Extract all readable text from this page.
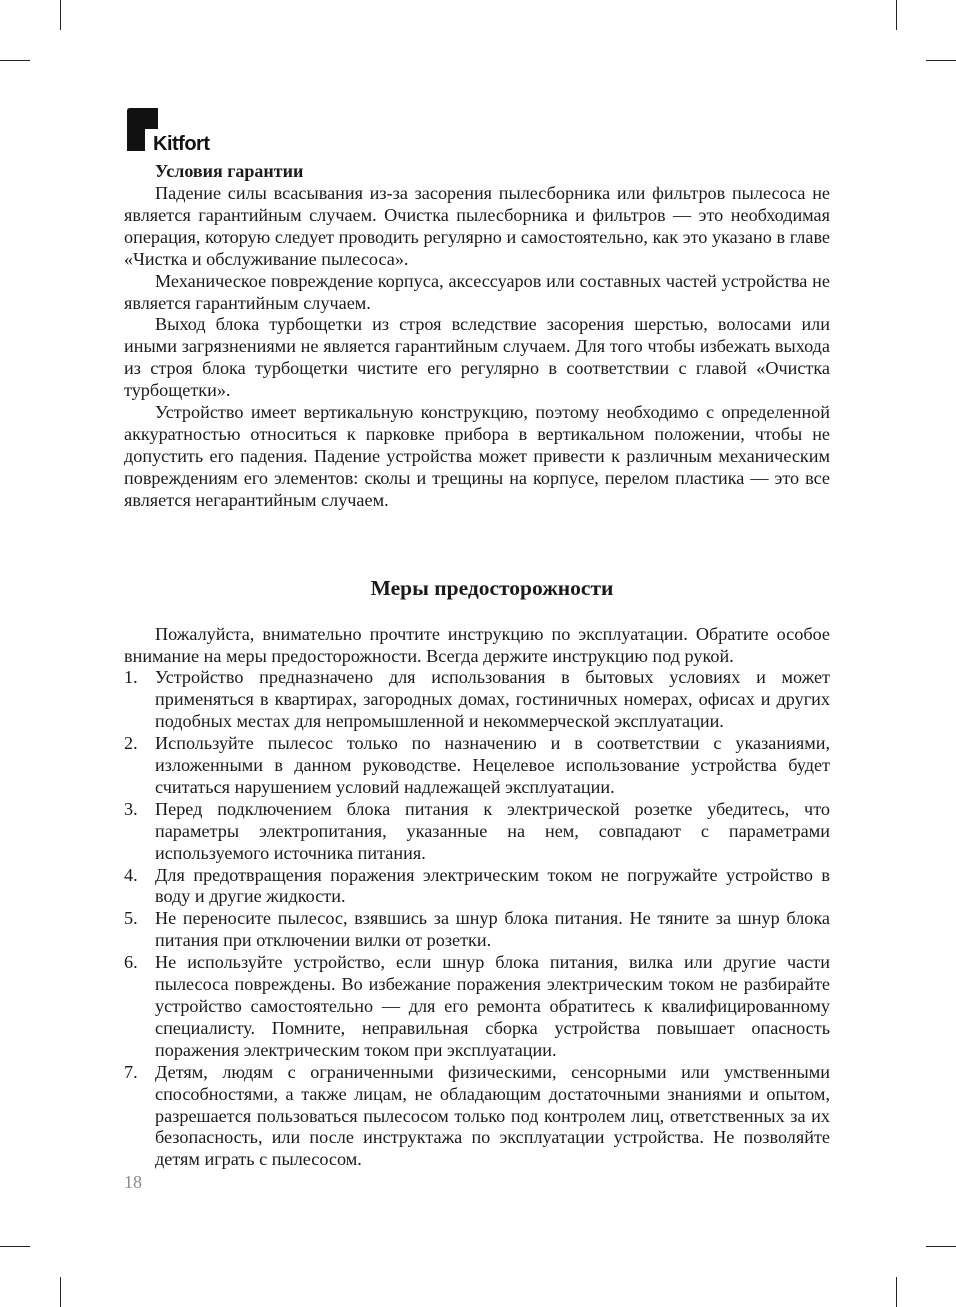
Kitfort
Условия гарантии

Падение силы всасывания из-за засорения пылесборника или фильтров пылесоса не является гарантийным случаем. Очистка пылесборника и фильтров — это необходимая операция, которую следует проводить регулярно и самостоятельно, как это указано в главе «Чистка и обслуживание пылесоса».

Механическое повреждение корпуса, аксессуаров или составных частей устройства не является гарантийным случаем.

Выход блока турбощетки из строя вследствие засорения шерстью, волосами или иными загрязнениями не является гарантийным случаем. Для того чтобы избежать выхода из строя блока турбощетки чистите его регулярно в соответствии с главой «Очистка турбощетки».

Устройство имеет вертикальную конструкцию, поэтому необходимо с определенной аккуратностью относиться к парковке прибора в вертикальном положении, чтобы не допустить его падения. Падение устройства может привести к различным механическим повреждениям его элементов: сколы и трещины на корпусе, перелом пластика — это все является негарантийным случаем.

Меры предосторожности

Пожалуйста, внимательно прочтите инструкцию по эксплуатации. Обратите особое внимание на меры предосторожности. Всегда держите инструкцию под рукой.

1. Устройство предназначено для использования в бытовых условиях и может применяться в квартирах, загородных домах, гостиничных номерах, офисах и других подобных местах для непромышленной и некоммерческой эксплуатации.
2. Используйте пылесос только по назначению и в соответствии с указаниями, изложенными в данном руководстве. Нецелевое использование устройства будет считаться нарушением условий надлежащей эксплуатации.
3. Перед подключением блока питания к электрической розетке убедитесь, что параметры электропитания, указанные на нем, совпадают с параметрами используемого источника питания.
4. Для предотвращения поражения электрическим током не погружайте устройство в воду и другие жидкости.
5. Не переносите пылесос, взявшись за шнур блока питания. Не тяните за шнур блока питания при отключении вилки от розетки.
6. Не используйте устройство, если шнур блока питания, вилка или другие части пылесоса повреждены. Во избежание поражения электрическим током не разбирайте устройство самостоятельно — для его ремонта обратитесь к квалифицированному специалисту. Помните, неправильная сборка устройства повышает опасность поражения электрическим током при эксплуатации.
7. Детям, людям с ограниченными физическими, сенсорными или умственными способностями, а также лицам, не обладающим достаточными знаниями и опытом, разрешается пользоваться пылесосом только под контролем лиц, ответственных за их безопасность, или после инструктажа по эксплуатации устройства. Не позволяйте детям играть с пылесосом.
18
